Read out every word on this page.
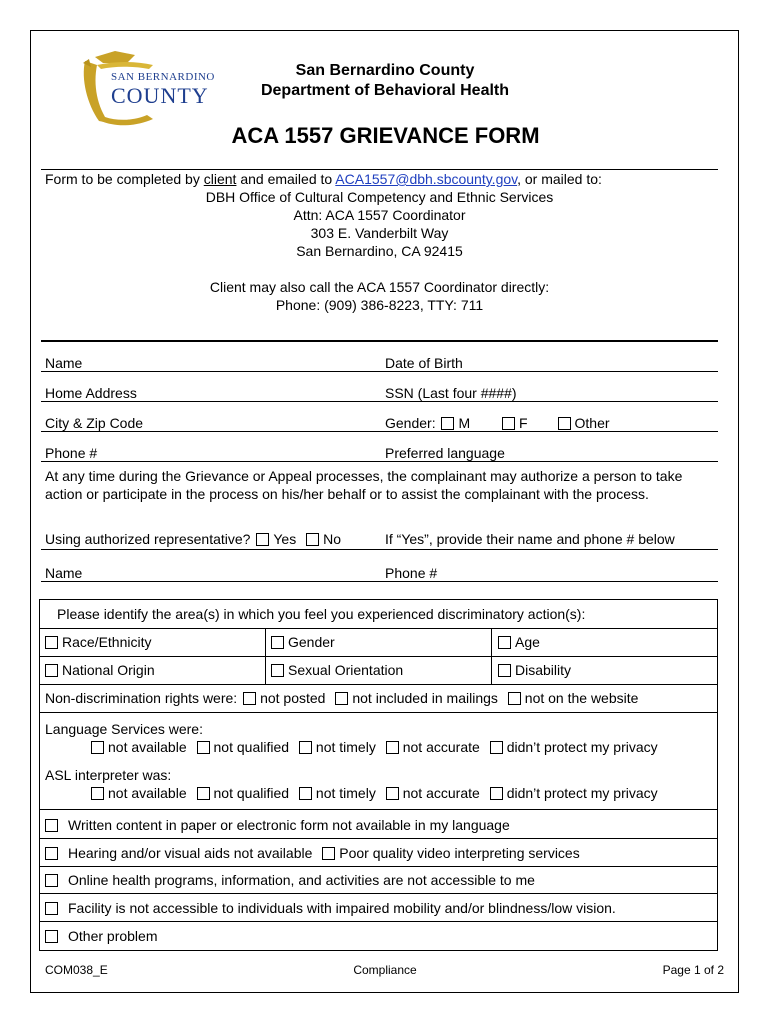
SAN BERNARDINO
COUNTY
San Bernardino County
Department of Behavioral Health
ACA 1557 GRIEVANCE FORM
Form to be completed by client and emailed to ACA1557@dbh.sbcounty.gov, or mailed to:
DBH Office of Cultural Competency and Ethnic Services
Attn: ACA 1557 Coordinator
303 E. Vanderbilt Way
San Bernardino, CA 92415
Client may also call the ACA 1557 Coordinator directly:
Phone: (909) 386-8223, TTY: 711
Name	Date of Birth
Home Address	SSN (Last four ####)
City & Zip Code	Gender: M	F	Other
Phone #	Preferred language
At any time during the Grievance or Appeal processes, the complainant may authorize a person to take action or participate in the process on his/her behalf or to assist the complainant with the process.
Using authorized representative? Yes No	If “Yes”, provide their name and phone # below
Name	Phone #
Please identify the area(s) in which you feel you experienced discriminatory action(s):
Race/Ethnicity	Gender	Age
National Origin	Sexual Orientation	Disability
Non-discrimination rights were: not posted not included in mailings not on the website
Language Services were:
not available not qualified not timely not accurate didn’t protect my privacy
ASL interpreter was:
not available not qualified not timely not accurate didn’t protect my privacy
Written content in paper or electronic form not available in my language
Hearing and/or visual aids not available Poor quality video interpreting services
Online health programs, information, and activities are not accessible to me
Facility is not accessible to individuals with impaired mobility and/or blindness/low vision.
Other problem
COM038_E	Compliance	Page 1 of 2
